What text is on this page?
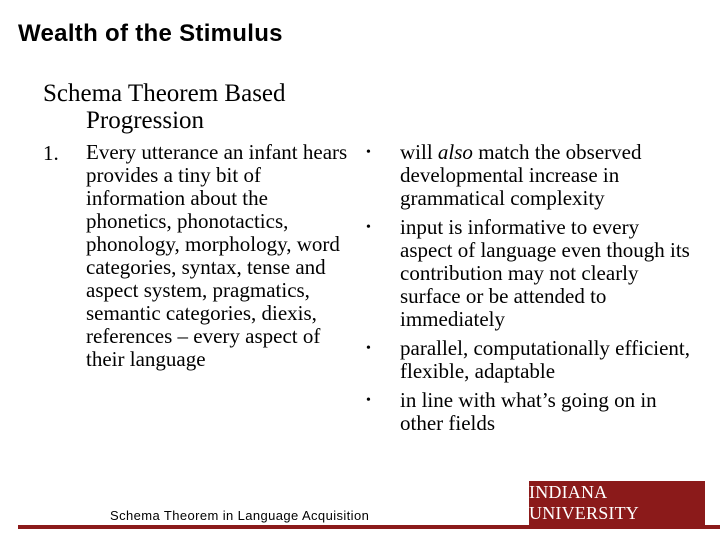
Wealth of the Stimulus
Schema Theorem Based
Progression
1. Every utterance an infant hears provides a tiny bit of information about the phonetics, phonotactics, phonology, morphology, word categories, syntax, tense and aspect system, pragmatics, semantic categories, diexis, references – every aspect of their language
• will also match the observed developmental increase in grammatical complexity
• input is informative to every aspect of language even though its contribution may not clearly surface or be attended to immediately
• parallel, computationally efficient, flexible, adaptable
• in line with what’s going on in other fields
Schema Theorem in Language Acquisition
INDIANA UNIVERSITY
